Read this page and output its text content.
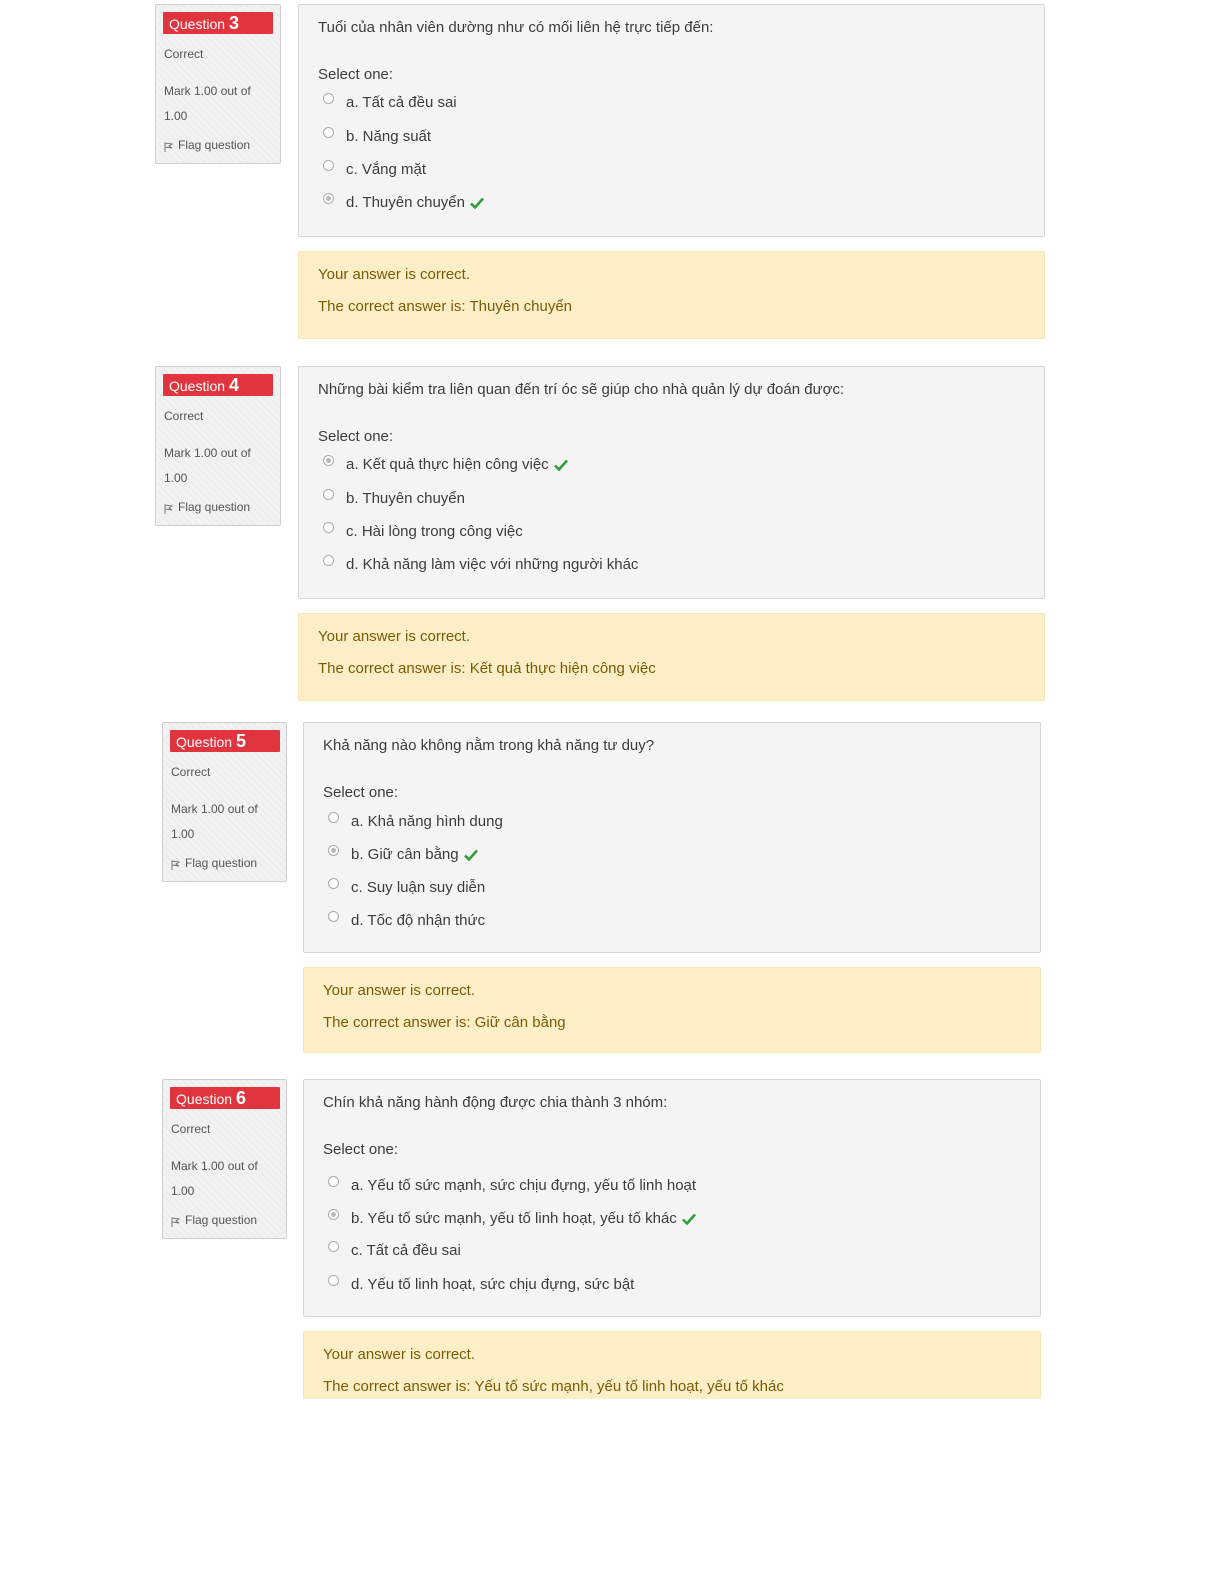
Question 3
Correct
Mark 1.00 out of 1.00
Flag question
Tuổi của nhân viên dường như có mối liên hệ trực tiếp đến:
Select one:
a. Tất cả đều sai
b. Năng suất
c. Vắng mặt
d. Thuyên chuyển
Your answer is correct.
The correct answer is: Thuyên chuyển
Question 4
Correct
Mark 1.00 out of 1.00
Flag question
Những bài kiểm tra liên quan đến trí óc sẽ giúp cho nhà quản lý dự đoán được:
Select one:
a. Kết quả thực hiện công việc
b. Thuyên chuyển
c. Hài lòng trong công việc
d. Khả năng làm việc với những người khác
Your answer is correct.
The correct answer is: Kết quả thực hiện công việc
Question 5
Correct
Mark 1.00 out of 1.00
Flag question
Khả năng nào không nằm trong khả năng tư duy?
Select one:
a. Khả năng hình dung
b. Giữ cân bằng
c. Suy luận suy diễn
d. Tốc độ nhận thức
Your answer is correct.
The correct answer is: Giữ cân bằng
Question 6
Correct
Mark 1.00 out of 1.00
Flag question
Chín khả năng hành động được chia thành 3 nhóm:
Select one:
a. Yếu tố sức mạnh, sức chịu đựng, yếu tố linh hoạt
b. Yếu tố sức mạnh, yếu tố linh hoạt, yếu tố khác
c. Tất cả đều sai
d. Yếu tố linh hoạt, sức chịu đựng, sức bật
Your answer is correct.
The correct answer is: Yếu tố sức mạnh, yếu tố linh hoạt, yếu tố khác
